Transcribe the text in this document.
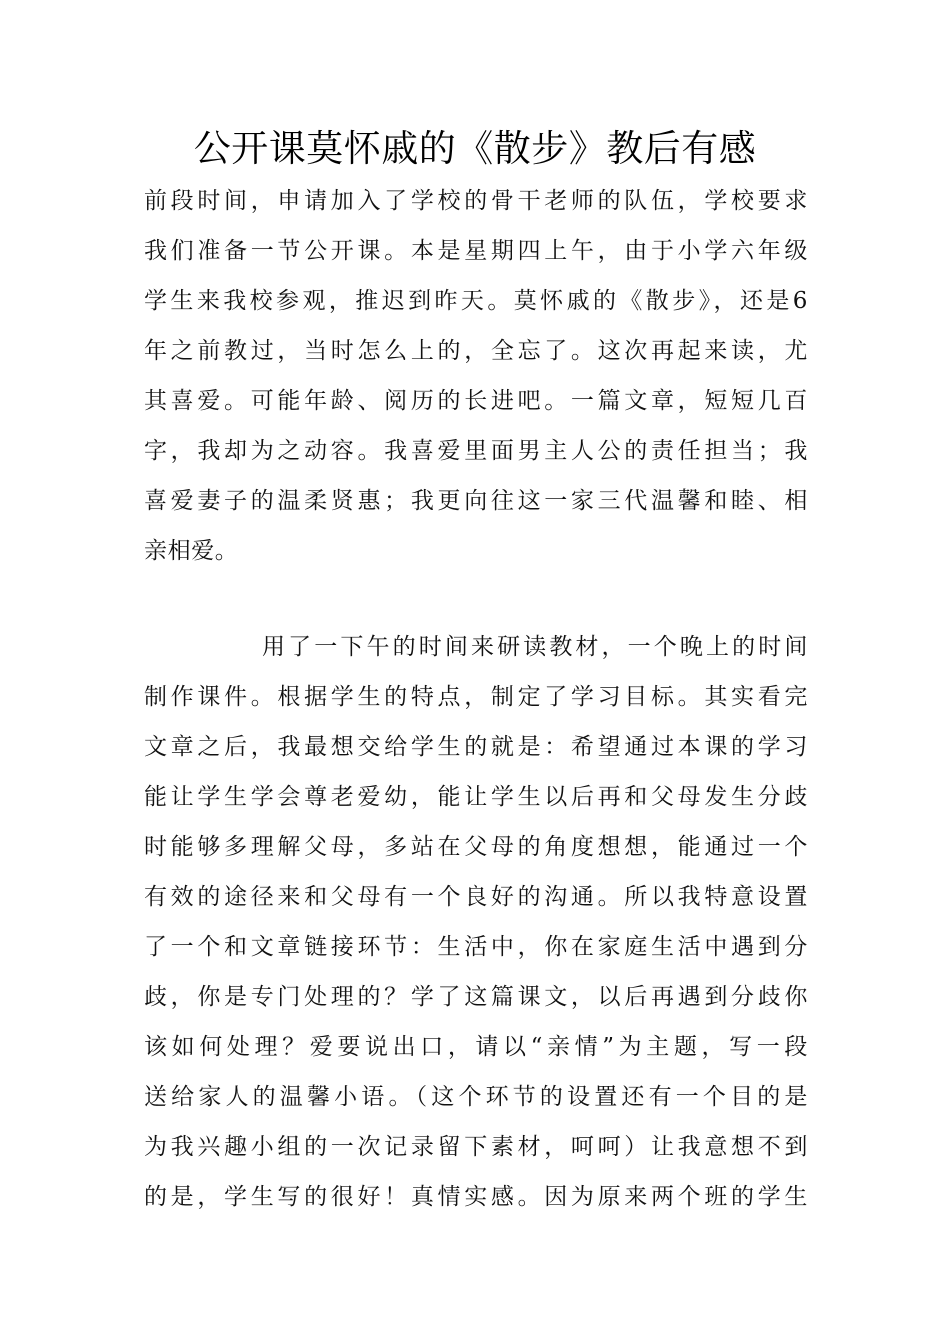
公开课莫怀戚的《散步》教后有感
前段时间，申请加入了学校的骨干老师的队伍，学校要求
我们准备一节公开课。本是星期四上午，由于小学六年级
学生来我校参观，推迟到昨天。莫怀戚的《散步》，还是6
年之前教过，当时怎么上的，全忘了。这次再起来读，尤
其喜爱。可能年龄、阅历的长进吧。一篇文章，短短几百
字，我却为之动容。我喜爱里面男主人公的责任担当；我
喜爱妻子的温柔贤惠；我更向往这一家三代温馨和睦、相
亲相爱。
用了一下午的时间来研读教材，一个晚上的时间
制作课件。根据学生的特点，制定了学习目标。其实看完
文章之后，我最想交给学生的就是：希望通过本课的学习
能让学生学会尊老爱幼，能让学生以后再和父母发生分歧
时能够多理解父母，多站在父母的角度想想，能通过一个
有效的途径来和父母有一个良好的沟通。所以我特意设置
了一个和文章链接环节：生活中，你在家庭生活中遇到分
歧，你是专门处理的？学了这篇课文，以后再遇到分歧你
该如何处理？爱要说出口，请以“亲情”为主题，写一段
送给家人的温馨小语。（这个环节的设置还有一个目的是
为我兴趣小组的一次记录留下素材，呵呵）让我意想不到
的是，学生写的很好！真情实感。因为原来两个班的学生
